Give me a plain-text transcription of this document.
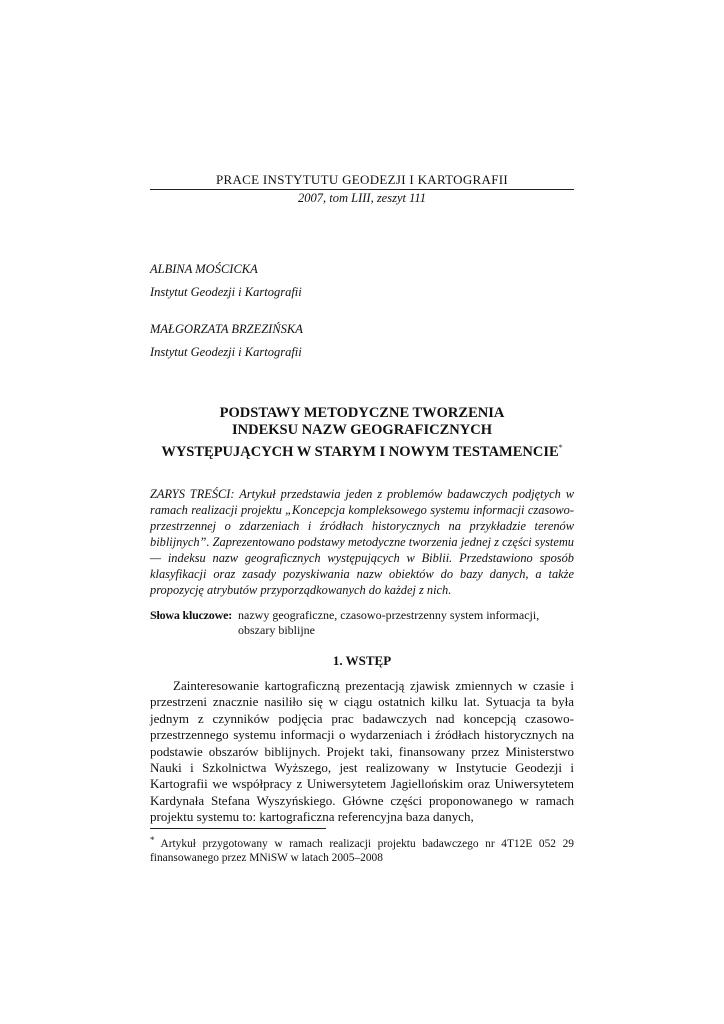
PRACE INSTYTUTU GEODEZJI I KARTOGRAFII
2007, tom LIII, zeszyt 111
ALBINA MOŚCICKA
Instytut Geodezji i Kartografii
MAŁGORZATA BRZEZIŃSKA
Instytut Geodezji i Kartografii
PODSTAWY METODYCZNE TWORZENIA
INDEKSU NAZW GEOGRAFICZNYCH
WYSTĘPUJĄCYCH W STARYM I NOWYM TESTAMENCIE*
ZARYS TREŚCI: Artykuł przedstawia jeden z problemów badawczych podjętych w ramach realizacji projektu „Koncepcja kompleksowego systemu informacji czasowo-przestrzennej o zdarzeniach i źródłach historycznych na przykładzie terenów biblijnych”. Zaprezentowano podstawy metodyczne tworzenia jednej z części systemu — indeksu nazw geograficznych występujących w Biblii. Przedstawiono sposób klasyfikacji oraz zasady pozyskiwania nazw obiektów do bazy danych, a także propozycję atrybutów przyporządkowanych do każdej z nich.
Słowa kluczowe: nazwy geograficzne, czasowo-przestrzenny system informacji, obszary biblijne
1. WSTĘP
Zainteresowanie kartograficzną prezentacją zjawisk zmiennych w czasie i przestrzeni znacznie nasiliło się w ciągu ostatnich kilku lat. Sytuacja ta była jednym z czynników podjęcia prac badawczych nad koncepcją czasowo-przestrzennego systemu informacji o wydarzeniach i źródłach historycznych na podstawie obszarów biblijnych. Projekt taki, finansowany przez Ministerstwo Nauki i Szkolnictwa Wyższego, jest realizowany w Instytucie Geodezji i Kartografii we współpracy z Uniwersytetem Jagiellońskim oraz Uniwersytetem Kardynała Stefana Wyszyńskiego. Główne części proponowanego w ramach projektu systemu to: kartograficzna referencyjna baza danych,
* Artykuł przygotowany w ramach realizacji projektu badawczego nr 4T12E 052 29 finansowanego przez MNiSW w latach 2005–2008
